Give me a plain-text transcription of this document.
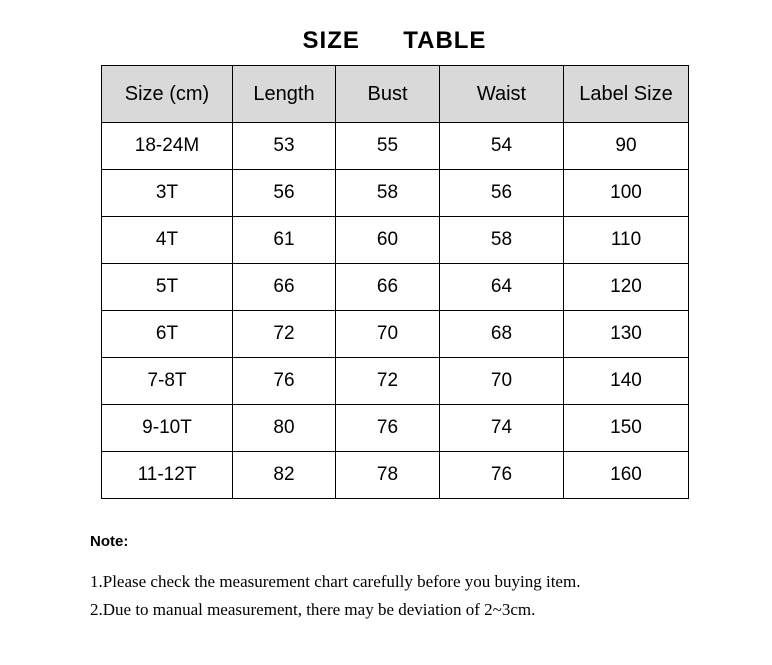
SIZE  TABLE
Size (cm)	Length	Bust	Waist	Label Size
18-24M	53	55	54	90
3T	56	58	56	100
4T	61	60	58	110
5T	66	66	64	120
6T	72	70	68	130
7-8T	76	72	70	140
9-10T	80	76	74	150
11-12T	82	78	76	160
Note:
1.Please check the measurement chart carefully before you buying item.
2.Due to manual measurement, there may be deviation of 2~3cm.
